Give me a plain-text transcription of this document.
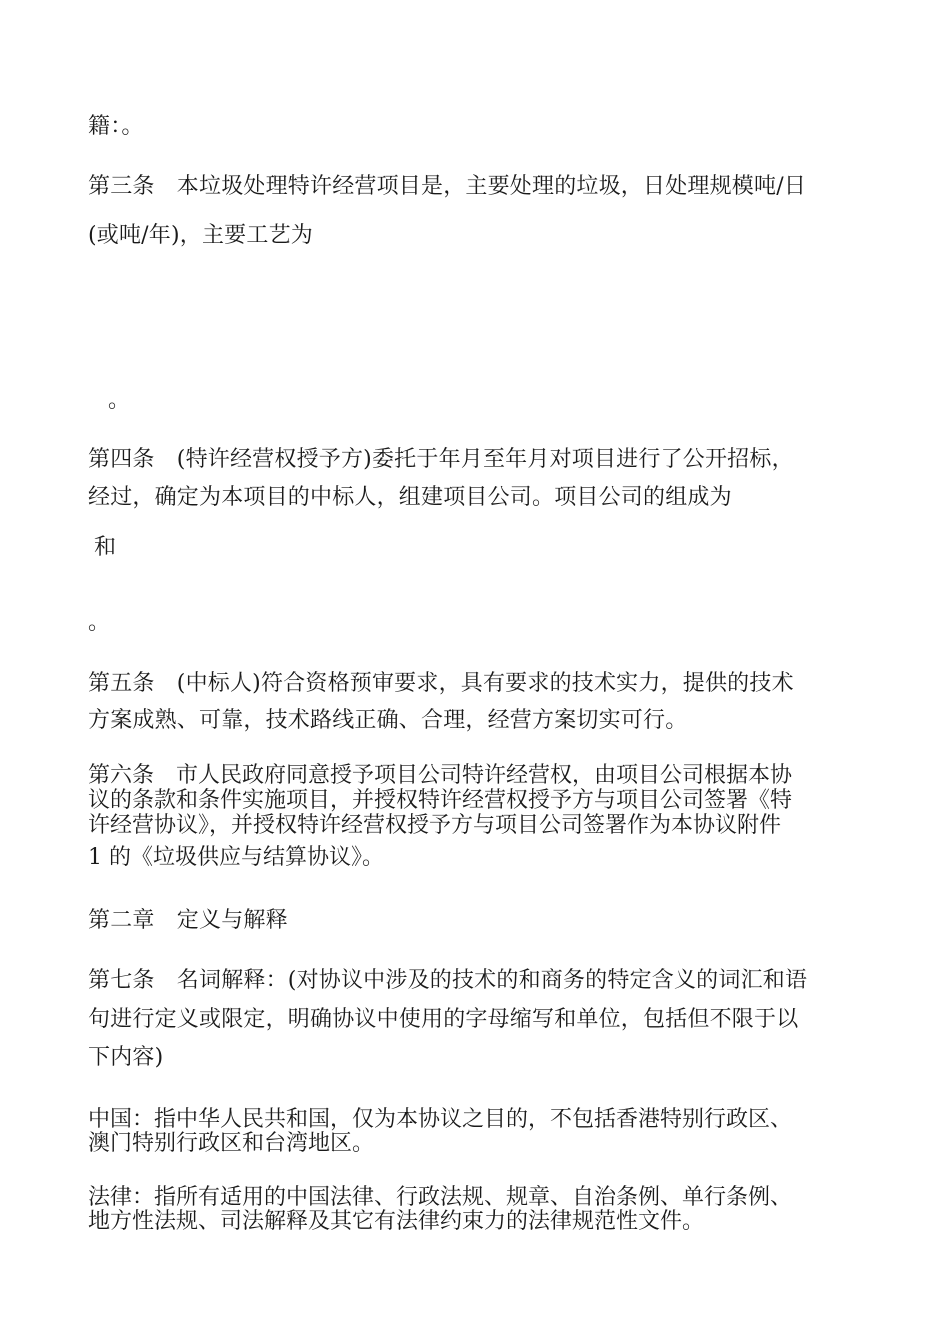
籍：。
第三条　本垃圾处理特许经营项目是，主要处理的垃圾，日处理规模吨/日
(或吨/年)，主要工艺为
。
第四条　(特许经营权授予方)委托于年月至年月对项目进行了公开招标，
经过，确定为本项目的中标人，组建项目公司。项目公司的组成为
和
。
第五条　(中标人)符合资格预审要求，具有要求的技术实力，提供的技术
方案成熟、可靠，技术路线正确、合理，经营方案切实可行。
第六条　市人民政府同意授予项目公司特许经营权，由项目公司根据本协
议的条款和条件实施项目，并授权特许经营权授予方与项目公司签署《特
许经营协议》，并授权特许经营权授予方与项目公司签署作为本协议附件
1 的《垃圾供应与结算协议》。
第二章　定义与解释
第七条　名词解释：(对协议中涉及的技术的和商务的特定含义的词汇和语
句进行定义或限定，明确协议中使用的字母缩写和单位，包括但不限于以
下内容)
中国：指中华人民共和国，仅为本协议之目的，不包括香港特别行政区、
澳门特别行政区和台湾地区。
法律：指所有适用的中国法律、行政法规、规章、自治条例、单行条例、
地方性法规、司法解释及其它有法律约束力的法律规范性文件。
